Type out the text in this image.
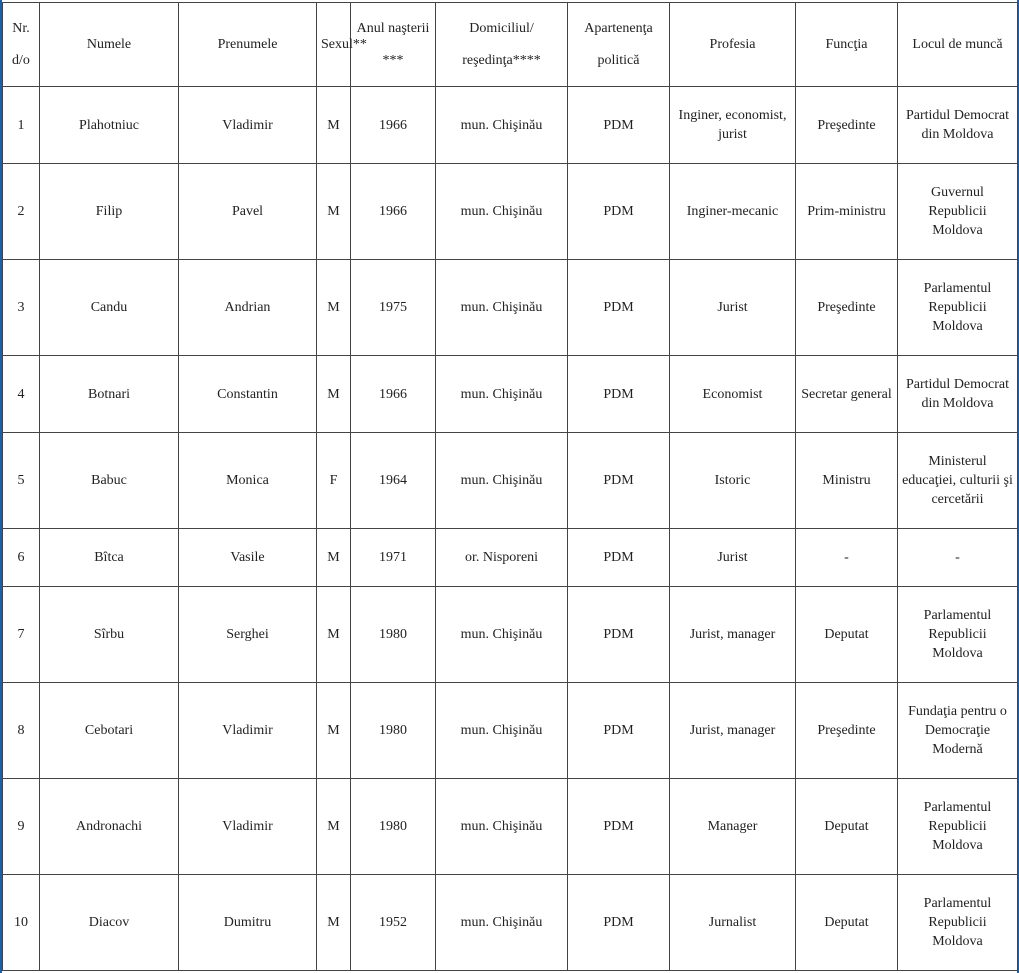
Nr. d/o	Numele	Prenumele	Sexul**	Anul naşterii ***	Domiciliul/ reşedinţa****	Apartenenţa politică	Profesia	Funcţia	Locul de muncă
1	Plahotniuc	Vladimir	M	1966	mun. Chişinău	PDM	Inginer, economist, jurist	Preşedinte	Partidul Democrat din Moldova
2	Filip	Pavel	M	1966	mun. Chişinău	PDM	Inginer-mecanic	Prim-ministru	Guvernul Republicii Moldova
3	Candu	Andrian	M	1975	mun. Chişinău	PDM	Jurist	Preşedinte	Parlamentul Republicii Moldova
4	Botnari	Constantin	M	1966	mun. Chişinău	PDM	Economist	Secretar general	Partidul Democrat din Moldova
5	Babuc	Monica	F	1964	mun. Chişinău	PDM	Istoric	Ministru	Ministerul educaţiei, culturii şi cercetării
6	Bîtca	Vasile	M	1971	or. Nisporeni	PDM	Jurist	-	-
7	Sîrbu	Serghei	M	1980	mun. Chişinău	PDM	Jurist, manager	Deputat	Parlamentul Republicii Moldova
8	Cebotari	Vladimir	M	1980	mun. Chişinău	PDM	Jurist, manager	Preşedinte	Fundaţia pentru o Democraţie Modernă
9	Andronachi	Vladimir	M	1980	mun. Chişinău	PDM	Manager	Deputat	Parlamentul Republicii Moldova
10	Diacov	Dumitru	M	1952	mun. Chişinău	PDM	Jurnalist	Deputat	Parlamentul Republicii Moldova
